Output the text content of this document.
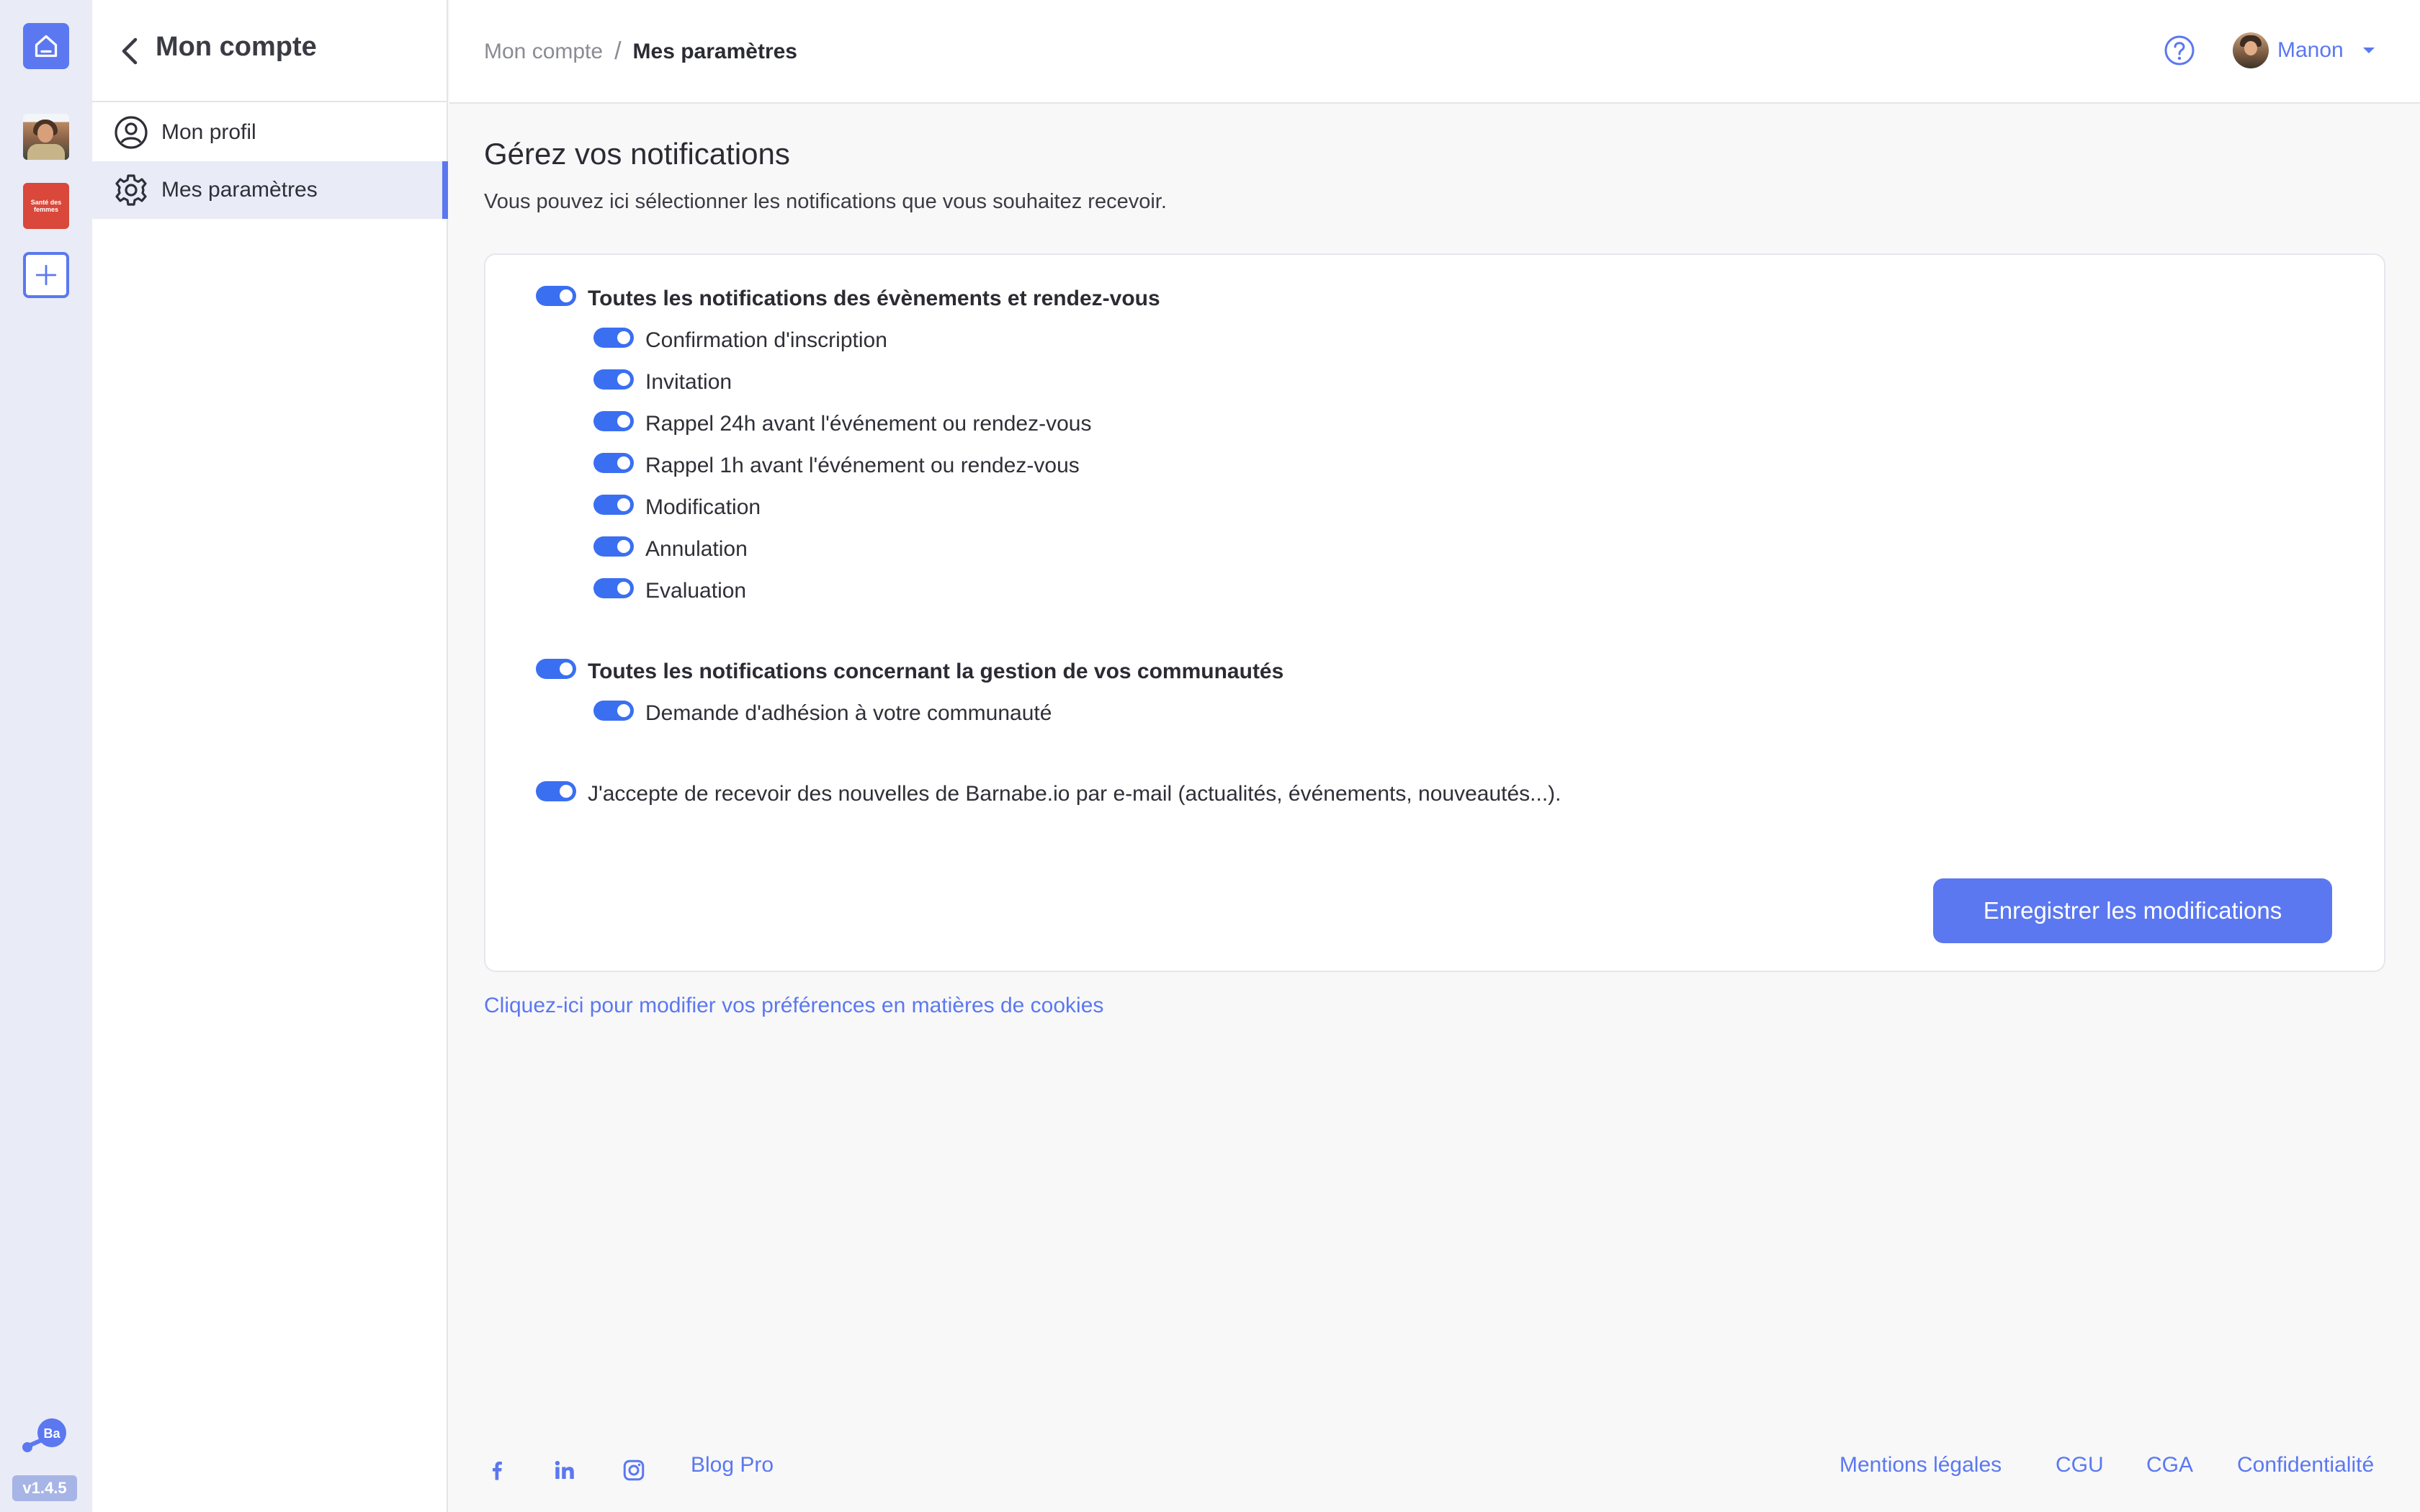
Santé des femmes
Ba
v1.4.5
Mon compte
Mon profil
Mes paramètres
Mon compte / Mes paramètres	Manon
Gérez vos notifications
Vous pouvez ici sélectionner les notifications que vous souhaitez recevoir.
Toutes les notifications des évènements et rendez-vous
Confirmation d'inscription
Invitation
Rappel 24h avant l'événement ou rendez-vous
Rappel 1h avant l'événement ou rendez-vous
Modification
Annulation
Evaluation
Toutes les notifications concernant la gestion de vos communautés
Demande d'adhésion à votre communauté
J'accepte de recevoir des nouvelles de Barnabe.io par e-mail (actualités, événements, nouveautés...).
Enregistrer les modifications
Cliquez-ici pour modifier vos préférences en matières de cookies
Blog Pro	Mentions légales CGU CGA Confidentialité
